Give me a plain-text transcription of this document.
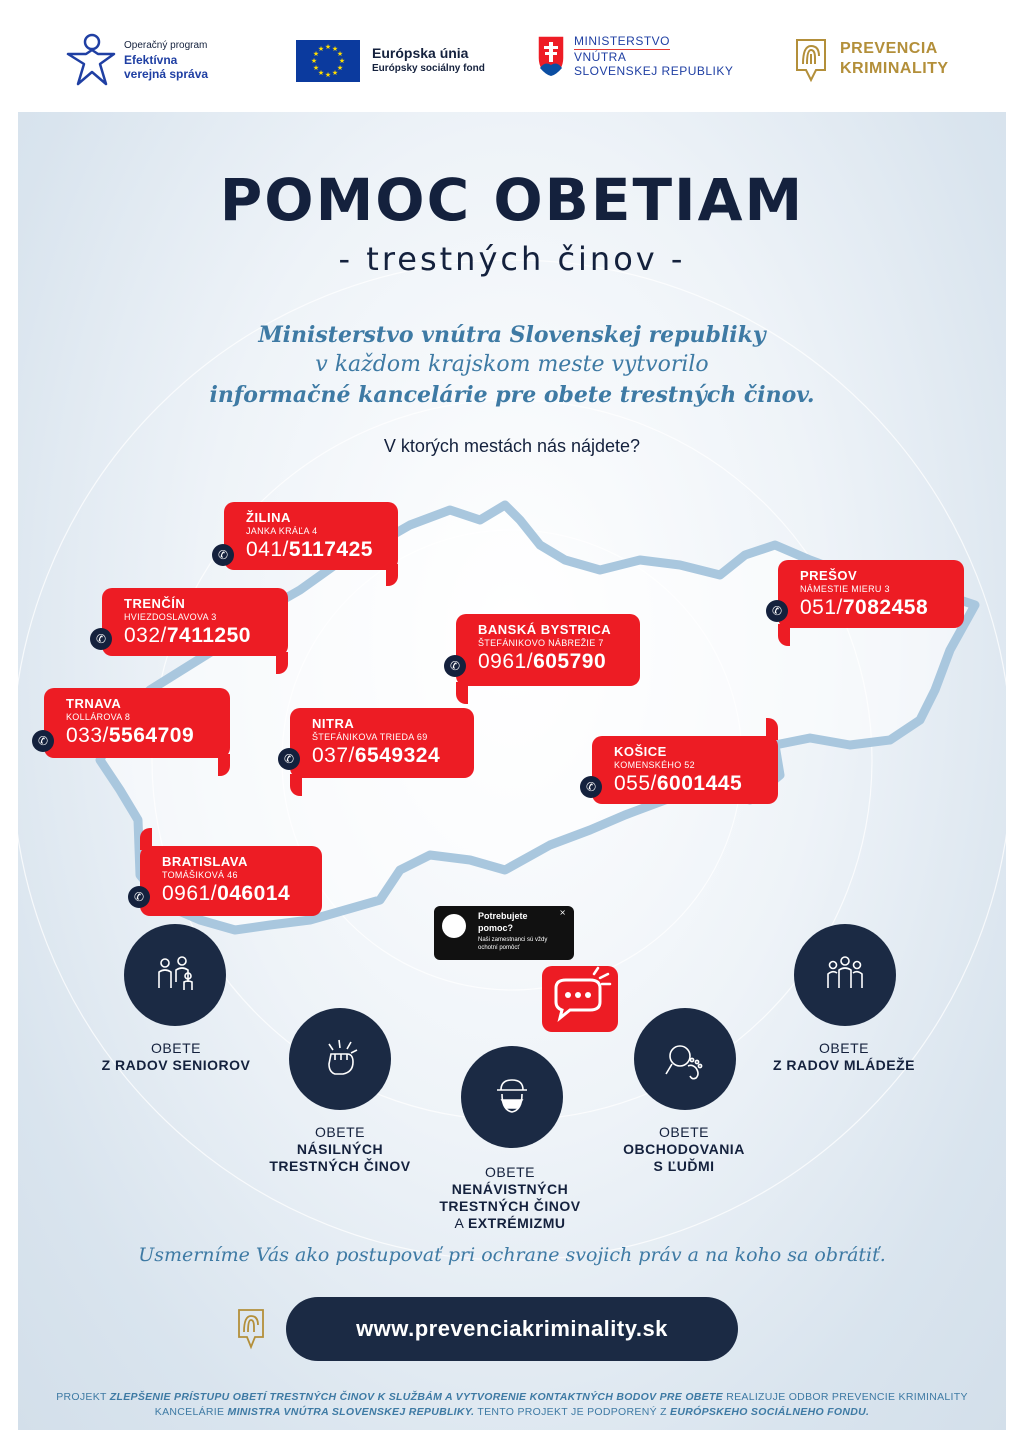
Operačný program
Efektívna
verejná správa
★ ★
★
★
★
★
★
★
★
★
★
★	Európska únia
Európsky sociálny fond
MINISTERSTVO
VNÚTRA
SLOVENSKEJ REPUBLIKY
PREVENCIA
KRIMINALITY
POMOC OBETIAM
- trestných činov -
Ministerstvo vnútra Slovenskej republiky
v každom krajskom meste vytvorilo
informačné kancelárie pre obete trestných činov.
V ktorých mestách nás nájdete?
ŽILINA
JANKA KRÁĽA 4
041/5117425
✆
TRENČÍN
HVIEZDOSLAVOVA 3
032/7411250
✆
TRNAVA
KOLLÁROVA 8
033/5564709
✆
NITRA
ŠTEFÁNIKOVA TRIEDA 69
037/6549324
✆
BRATISLAVA
TOMÁŠIKOVÁ 46
0961/046014
✆
BANSKÁ BYSTRICA
ŠTEFÁNIKOVO NÁBREŽIE 7
0961/605790
✆
PREŠOV
NÁMESTIE MIERU 3
051/7082458
✆
KOŠICE
KOMENSKÉHO 52
055/6001445
✆
Potrebujete pomoc?
Naši zamestnanci sú vždy ochotní pomôcť
×
OBETE
Z RADOV SENIOROV
OBETE
NÁSILNÝCH
TRESTNÝCH ČINOV	OBETE
NENÁVISTNÝCH
TRESTNÝCH ČINOV
A EXTRÉMIZMU
OBETE
OBCHODOVANIA
S ĽUĎMI
OBETE
Z RADOV MLÁDEŽE
Usmerníme Vás ako postupovať pri ochrane svojich práv a na koho sa obrátiť.
www.prevenciakriminality.sk
PROJEKT ZLEPŠENIE PRÍSTUPU OBETÍ TRESTNÝCH ČINOV K SLUŽBÁM A VYTVORENIE KONTAKTNÝCH BODOV PRE OBETE REALIZUJE ODBOR PREVENCIE KRIMINALITY
KANCELÁRIE MINISTRA VNÚTRA SLOVENSKEJ REPUBLIKY. TENTO PROJEKT JE PODPORENÝ Z EURÓPSKEHO SOCIÁLNEHO FONDU.
